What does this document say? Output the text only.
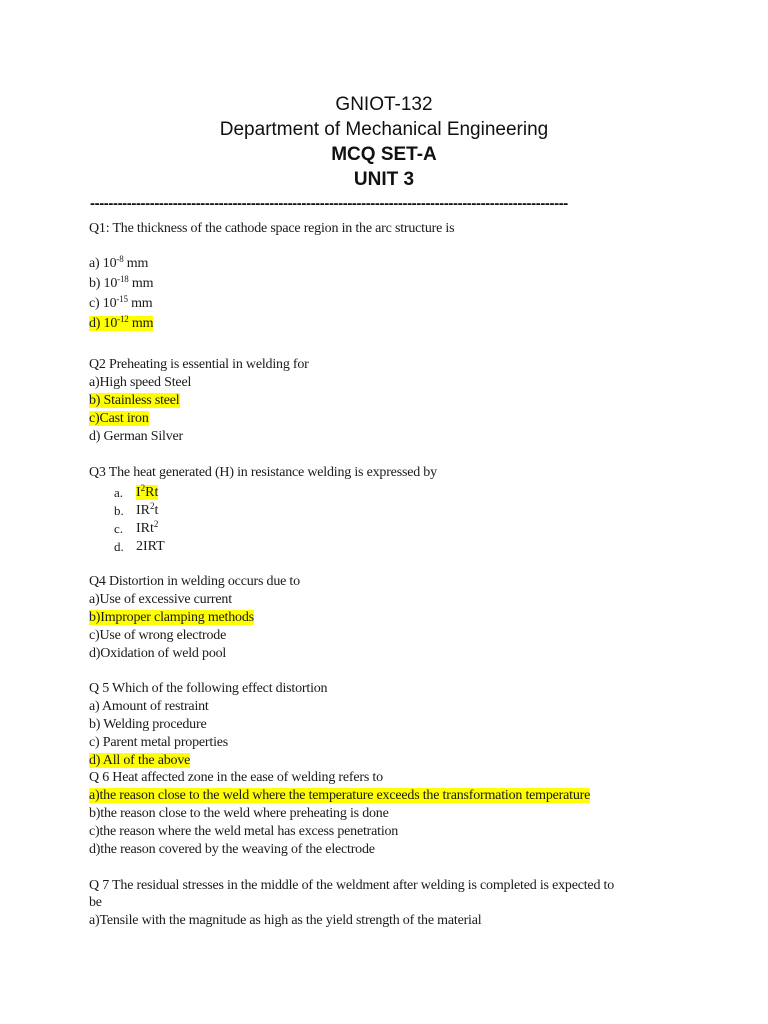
GNIOT-132
Department of Mechanical Engineering
MCQ SET-A
UNIT 3
--------------------------------------------------------------------------------------------------------
Q1: The thickness of the cathode space region in the arc structure is
a) $10^{-8}$ mm
b) $10^{-18}$ mm
c) $10^{-15}$ mm
d) $10^{-12}$ mm
Q2 Preheating is essential in welding for
a)High speed Steel
b) Stainless steel
c)Cast iron
d) German Silver
Q3 The heat generated (H) in resistance welding is expressed by
a. $I^2Rt$
b. $IR^2t$
c. IRt$^2$
d. 2IRT
Q4 Distortion in welding occurs due to
a)Use of excessive current
b)Improper clamping methods
c)Use of wrong electrode
d)Oxidation of weld pool
Q 5 Which of the following effect distortion
a) Amount of restraint
b) Welding procedure
c) Parent metal properties
d) All of the above
Q 6 Heat affected zone in the ease of welding refers to
a)the reason close to the weld where the temperature exceeds the transformation temperature
b)the reason close to the weld where preheating is done
c)the reason where the weld metal has excess penetration
d)the reason covered by the weaving of the electrode
Q 7 The residual stresses in the middle of the weldment after welding is completed is expected to
be
a)Tensile with the magnitude as high as the yield strength of the material
